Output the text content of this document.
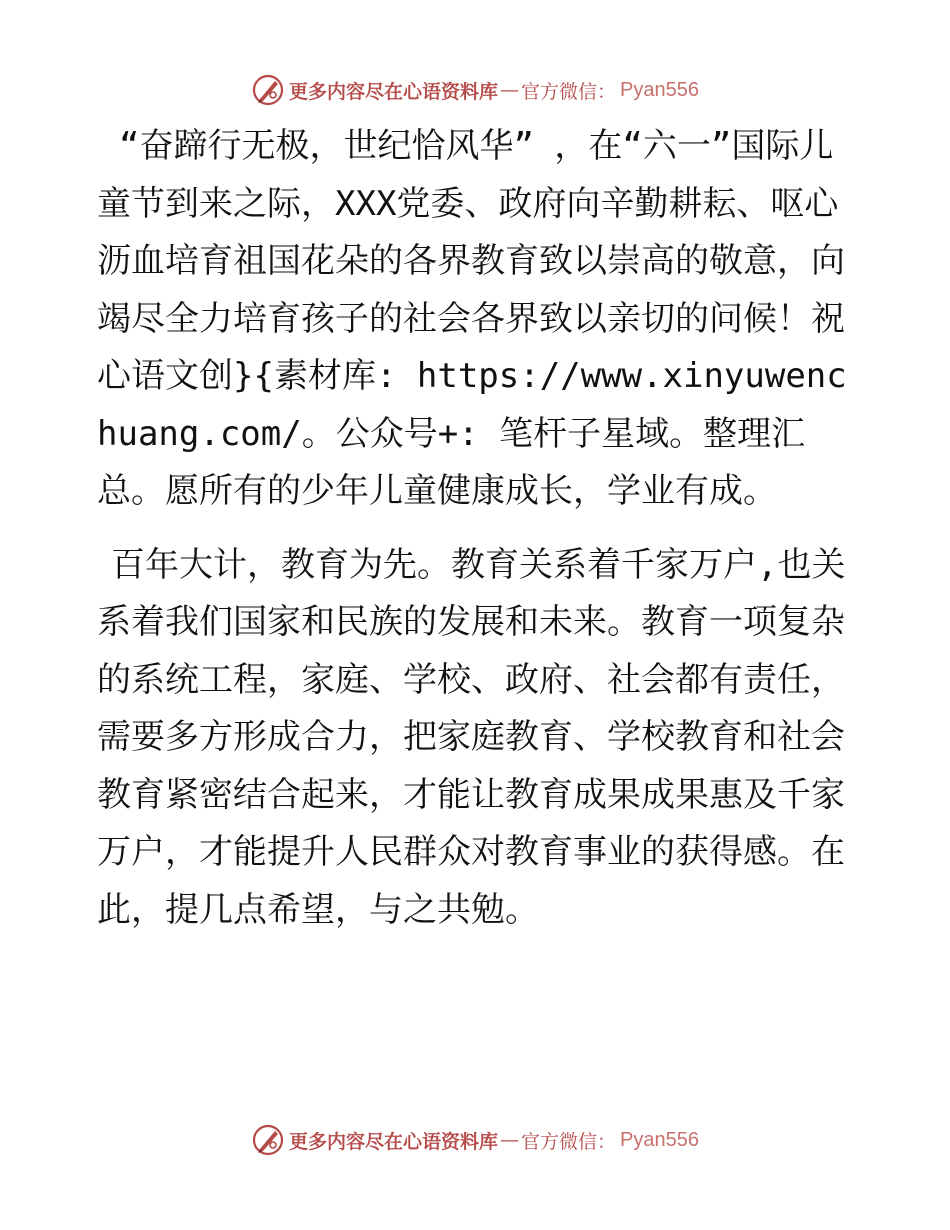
更多内容尽在心语资料库 — 官方微信： Pyan556

“奋蹄行无极，世纪恰风华” ，在“六一”国际儿童节到来之际，XXX党委、政府向辛勤耕耘、呕心沥血培育祖国花朵的各界教育致以崇高的敬意，向竭尽全力培育孩子的社会各界致以亲切的问候！祝心语文创}{素材库: https://www.xinyuwenchuang.com/。公众号+: 笔杆子星域。整理汇总。愿所有的少年儿童健康成长，学业有成。

百年大计，教育为先。教育关系着千家万户,也关系着我们国家和民族的发展和未来。教育一项复杂的系统工程，家庭、学校、政府、社会都有责任，需要多方形成合力，把家庭教育、学校教育和社会教育紧密结合起来，才能让教育成果成果惠及千家万户，才能提升人民群众对教育事业的获得感。在此，提几点希望，与之共勉。

更多内容尽在心语资料库 — 官方微信： Pyan556
